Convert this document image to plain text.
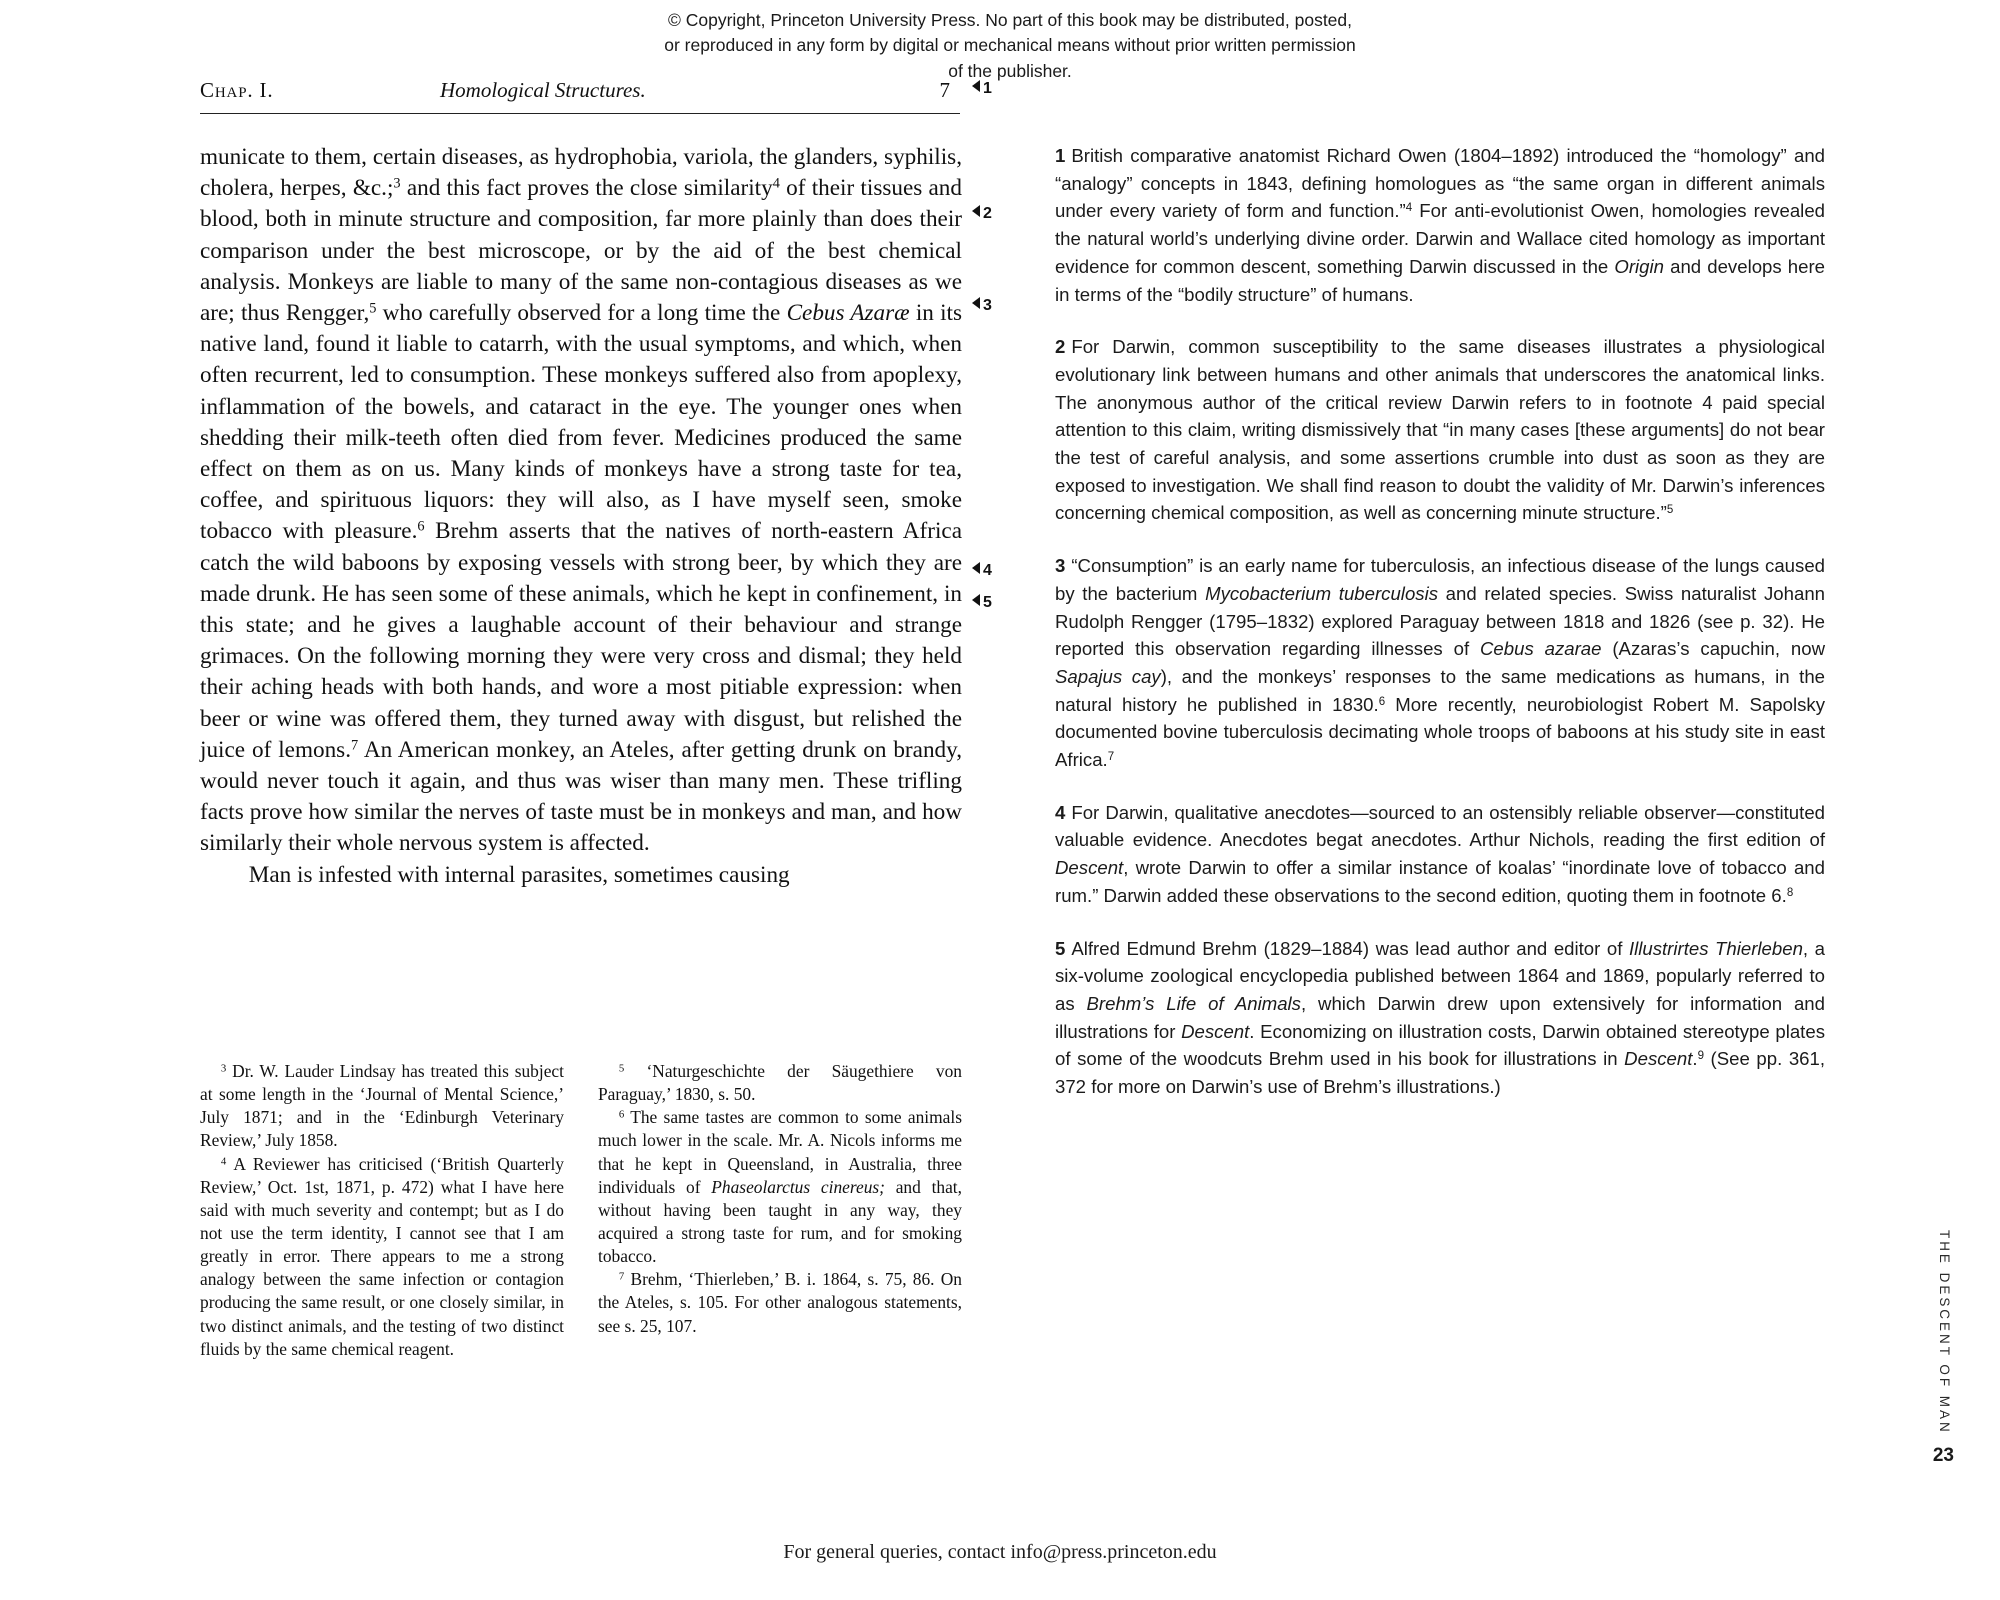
© Copyright, Princeton University Press. No part of this book may be distributed, posted, or reproduced in any form by digital or mechanical means without prior written permission of the publisher.
Chap. I.	Homological Structures.	7	1
2
3
4
5

municate to them, certain diseases, as hydrophobia, variola, the glanders, syphilis, cholera, herpes, &c.;$^3$ and this fact proves the close similarity$^4$ of their tissues and blood, both in minute structure and composition, far more plainly than does their comparison under the best microscope, or by the aid of the best chemical analysis. Monkeys are liable to many of the same non-contagious diseases as we are; thus Rengger,$^5$ who carefully observed for a long time the Cebus Azaræ in its native land, found it liable to catarrh, with the usual symptoms, and which, when often recurrent, led to consumption. These monkeys suffered also from apoplexy, inflammation of the bowels, and cataract in the eye. The younger ones when shedding their milk-teeth often died from fever. Medicines produced the same effect on them as on us. Many kinds of monkeys have a strong taste for tea, coffee, and spirituous liquors: they will also, as I have myself seen, smoke tobacco with pleasure.$^6$ Brehm asserts that the natives of north-eastern Africa catch the wild baboons by exposing vessels with strong beer, by which they are made drunk. He has seen some of these animals, which he kept in confinement, in this state; and he gives a laughable account of their behaviour and strange grimaces. On the following morning they were very cross and dismal; they held their aching heads with both hands, and wore a most pitiable expression: when beer or wine was offered them, they turned away with disgust, but relished the juice of lemons.$^7$ An American monkey, an Ateles, after getting drunk on brandy, would never touch it again, and thus was wiser than many men. These trifling facts prove how similar the nerves of taste must be in monkeys and man, and how similarly their whole nervous system is affected.

Man is infested with internal parasites, sometimes causing

$^3$ Dr. W. Lauder Lindsay has treated this subject at some length in the ‘Journal of Mental Science,’ July 1871; and in the ‘Edinburgh Veterinary Review,’ July 1858.

$^4$ A Reviewer has criticised (‘British Quarterly Review,’ Oct. 1st, 1871, p. 472) what I have here said with much severity and contempt; but as I do not use the term identity, I cannot see that I am greatly in error. There appears to me a strong analogy between the same infection or contagion producing the same result, or one closely similar, in two distinct animals, and the testing of two distinct fluids by the same chemical reagent.

$^5$ ‘Naturgeschichte der Säugethiere von Paraguay,’ 1830, s. 50.

$^6$ The same tastes are common to some animals much lower in the scale. Mr. A. Nicols informs me that he kept in Queensland, in Australia, three individuals of Phaseolarctus cinereus; and that, without having been taught in any way, they acquired a strong taste for rum, and for smoking tobacco.

$^7$ Brehm, ‘Thierleben,’ B. i. 1864, s. 75, 86. On the Ateles, s. 105. For other analogous statements, see s. 25, 107.

1 British comparative anatomist Richard Owen (1804–1892) introduced the “homology” and “analogy” concepts in 1843, defining homologues as “the same organ in different animals under every variety of form and function.”$^4$ For anti-evolutionist Owen, homologies revealed the natural world’s underlying divine order. Darwin and Wallace cited homology as important evidence for common descent, something Darwin discussed in the Origin and develops here in terms of the “bodily structure” of humans.

2 For Darwin, common susceptibility to the same diseases illustrates a physiological evolutionary link between humans and other animals that underscores the anatomical links. The anonymous author of the critical review Darwin refers to in footnote 4 paid special attention to this claim, writing dismissively that “in many cases [these arguments] do not bear the test of careful analysis, and some assertions crumble into dust as soon as they are exposed to investigation. We shall find reason to doubt the validity of Mr. Darwin’s inferences concerning chemical composition, as well as concerning minute structure.”$^5$

3 “Consumption” is an early name for tuberculosis, an infectious disease of the lungs caused by the bacterium Mycobacterium tuberculosis and related species. Swiss naturalist Johann Rudolph Rengger (1795–1832) explored Paraguay between 1818 and 1826 (see p. 32). He reported this observation regarding illnesses of Cebus azarae (Azaras’s capuchin, now Sapajus cay), and the monkeys’ responses to the same medications as humans, in the natural history he published in 1830.$^6$ More recently, neurobiologist Robert M. Sapolsky documented bovine tuberculosis decimating whole troops of baboons at his study site in east Africa.$^7$

4 For Darwin, qualitative anecdotes—sourced to an ostensibly reliable observer—constituted valuable evidence. Anecdotes begat anecdotes. Arthur Nichols, reading the first edition of Descent, wrote Darwin to offer a similar instance of koalas’ “inordinate love of tobacco and rum.” Darwin added these observations to the second edition, quoting them in footnote 6.$^8$

5 Alfred Edmund Brehm (1829–1884) was lead author and editor of Illustrirtes Thierleben, a six-volume zoological encyclopedia published between 1864 and 1869, popularly referred to as Brehm’s Life of Animals, which Darwin drew upon extensively for information and illustrations for Descent. Economizing on illustration costs, Darwin obtained stereotype plates of some of the woodcuts Brehm used in his book for illustrations in Descent.$^9$ (See pp. 361, 372 for more on Darwin’s use of Brehm’s illustrations.)

THE DESCENT OF MAN
23
For general queries, contact info@press.princeton.edu
